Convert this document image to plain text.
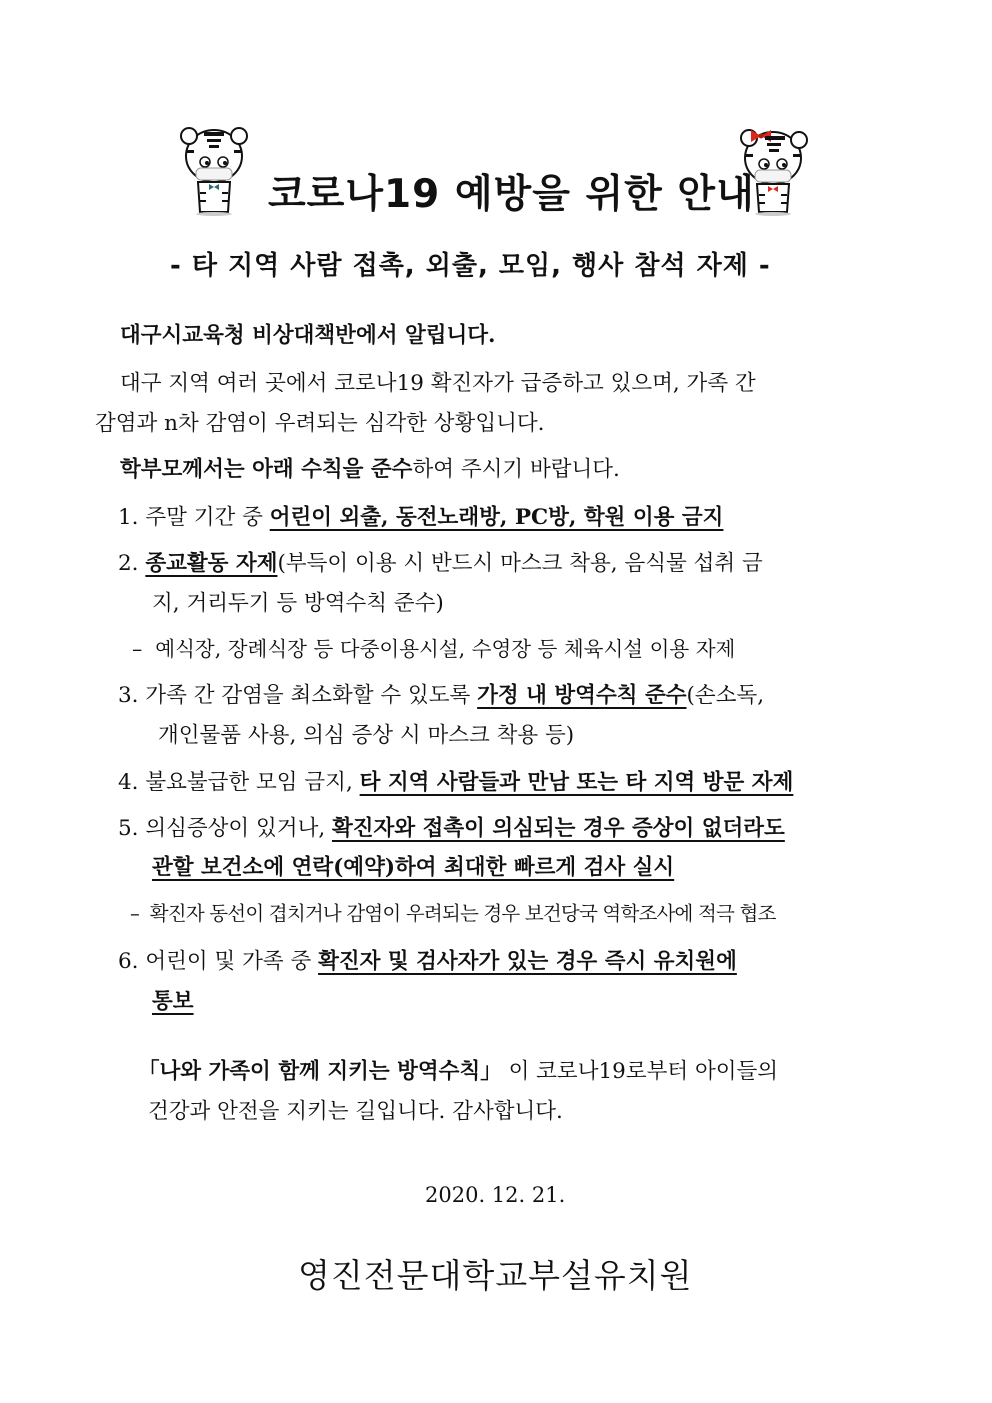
코로나19 예방을 위한 안내
- 타 지역 사람 접촉, 외출, 모임, 행사 참석 자제 -
대구시교육청 비상대책반에서 알립니다.
대구 지역 여러 곳에서 코로나19 확진자가 급증하고 있으며, 가족 간
감염과 n차 감염이 우려되는 심각한 상황입니다.
학부모께서는 아래 수칙을 준수하여 주시기 바랍니다.
1. 주말 기간 중 어린이 외출, 동전노래방, PC방, 학원 이용 금지
2. 종교활동 자제(부득이 이용 시 반드시 마스크 착용, 음식물 섭취 금
지, 거리두기 등 방역수칙 준수)
– 예식장, 장례식장 등 다중이용시설, 수영장 등 체육시설 이용 자제
3. 가족 간 감염을 최소화할 수 있도록 가정 내 방역수칙 준수(손소독,
개인물품 사용, 의심 증상 시 마스크 착용 등)
4. 불요불급한 모임 금지, 타 지역 사람들과 만남 또는 타 지역 방문 자제
5. 의심증상이 있거나, 확진자와 접촉이 의심되는 경우 증상이 없더라도
관할 보건소에 연락(예약)하여 최대한 빠르게 검사 실시
– 확진자 동선이 겹치거나 감염이 우려되는 경우 보건당국 역학조사에 적극 협조
6. 어린이 및 가족 중 확진자 및 검사자가 있는 경우 즉시 유치원에
통보
「나와 가족이 함께 지키는 방역수칙」 이 코로나19로부터 아이들의
건강과 안전을 지키는 길입니다. 감사합니다.
2020. 12. 21.
영진전문대학교부설유치원
